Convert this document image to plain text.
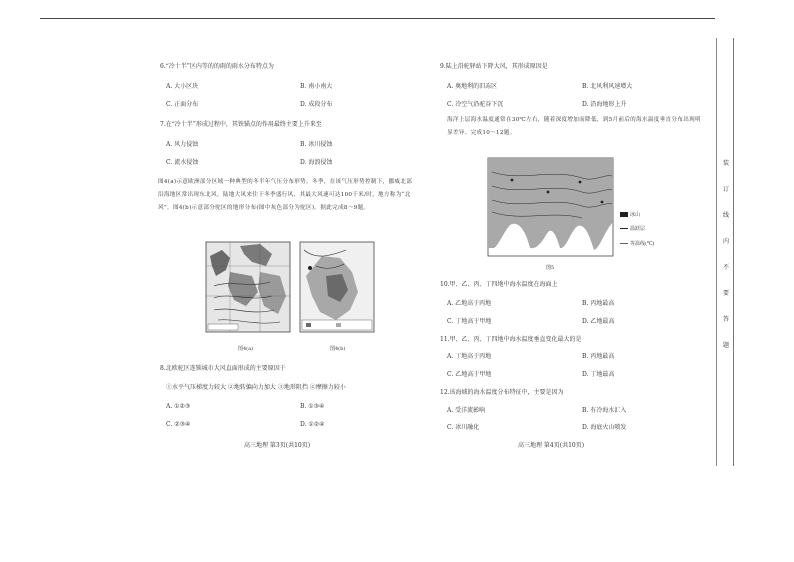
6.“冷十半”区内等的的雨的雨水分布特点为
A. 大小区块	B. 南小南大
C. 正面分布	D. 成段分布
7.在“冷十半”形成过程中，其铁锚点的作用最终主要上升来至
A. 风力侵蚀	B. 冰川侵蚀
C. 流水侵蚀	D. 海浪侵蚀
图4(a)示意欧洲部分区域一种典型的冬半年气压分布形势。冬季，在该气压形势控制下，挪威北部沿海地区常出现东北风，陆地大风来往于冬季盛行风，其最大风速可达100千米/时，地方称为“北风”。图4(b)示意部分驼区的地形分布(图中灰色部分为驼区)。据此完成8～9题。
图4(a)	图4(b)
8.北欧驼区连锁城市大风直面形成的主要原因于
①水平气压梯度力较大 ②地转偏向力加大 ③地形阻挡 ④摩擦力较小
A. ①②③	B. ①③④
C. ②③④	D. ①②④
高三地理 第3页(共10页)
9.陆上沿驼驿站下降大风，其形成原因是
A. 奥地利的旧冻区	B. 北风利风速增大
C. 冷空气沿驼谷下沉	D. 沿海地形上升
海洋上层海水温度通常在30℃左右，随着深度增加而降低，到5月前后的海水温度垂直分布出现明显差异。完成10～12题。
图5
冰山
温跃层
等温线(℃)
10.甲、乙、丙、丁四地中海水温度在海面上
A. 乙地高于丙地	B. 丙地最高
C. 丁地高于甲地	D. 乙地最高
11.甲、乙、丙、丁四地中海水温度垂直变化最大的是
A. 丁地高于丙地	B. 丙地最高
C. 乙地高于甲地	D. 丁地最高
12.该海域的海水温度分布特征中，主要是因为
A. 受洋流影响	B. 有冷海水汇入
C. 冰川融化	D. 海底火山喷发
高三地理 第4页(共10页)
装
订
线
内
不
要
答
题
